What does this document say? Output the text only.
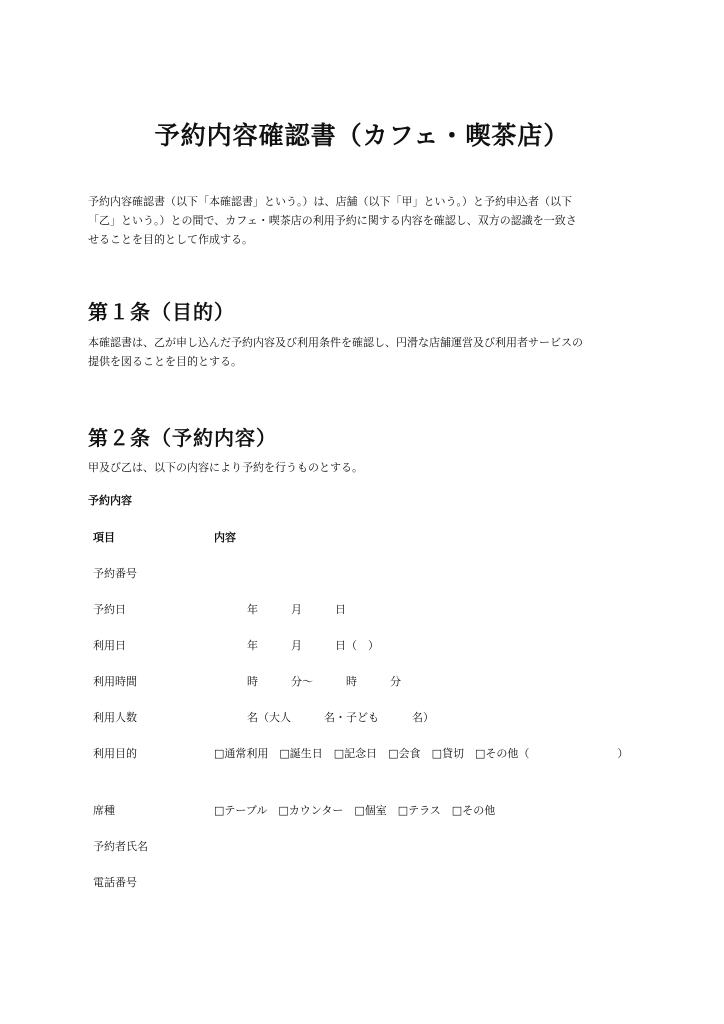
予約内容確認書（カフェ・喫茶店）
予約内容確認書（以下「本確認書」という。）は、店舗（以下「甲」という。）と予約申込者（以下
「乙」という。）との間で、カフェ・喫茶店の利用予約に関する内容を確認し、双方の認識を一致さ
せることを目的として作成する。
第１条（目的）
本確認書は、乙が申し込んだ予約内容及び利用条件を確認し、円滑な店舗運営及び利用者サービスの
提供を図ることを目的とする。
第２条（予約内容）
甲及び乙は、以下の内容により予約を行うものとする。
予約内容
項目	内容
予約番号
予約日	　　　年　　　月　　　日
利用日	　　　年　　　月　　　日（　）
利用時間	　　　時　　　分～　　　時　　　分
利用人数	　　　名（大人　　　名・子ども　　　名）
利用目的	□通常利用　□誕生日　□記念日　□会食　□貸切　□その他（　　　　　　　　）
席種	□テーブル　□カウンター　□個室　□テラス　□その他
予約者氏名
電話番号
